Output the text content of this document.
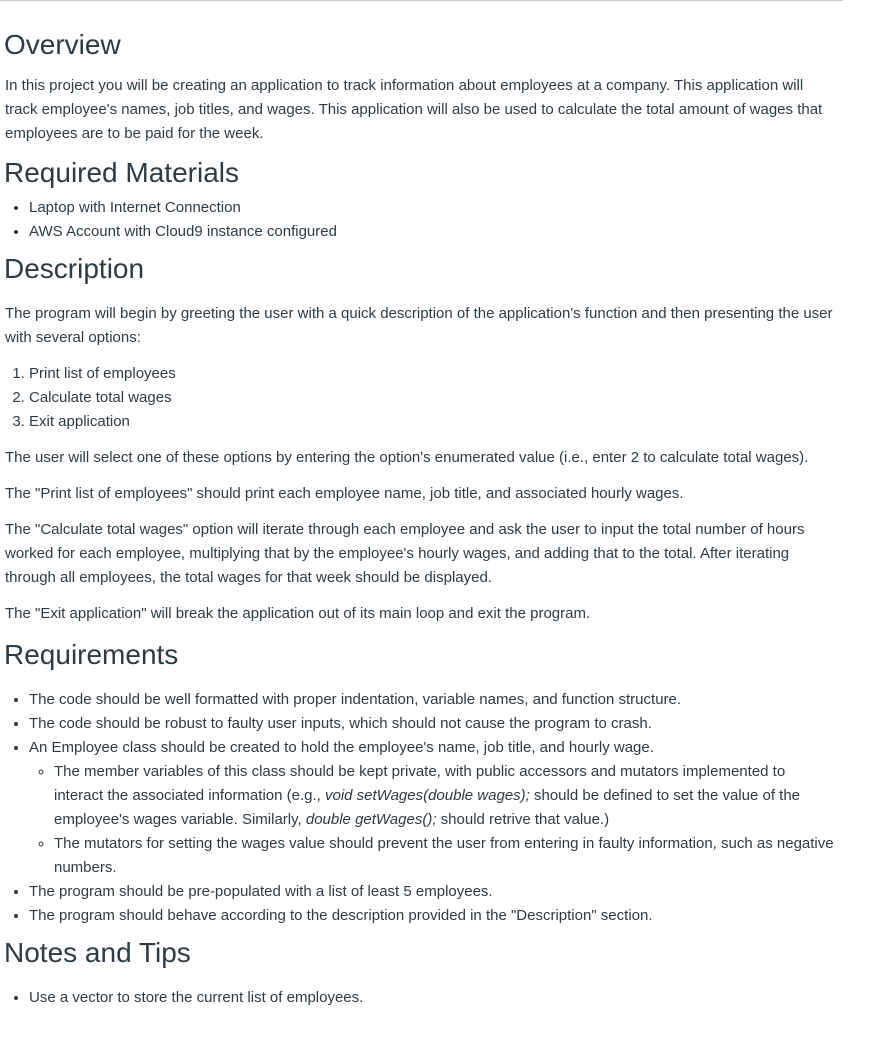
Overview

In this project you will be creating an application to track information about employees at a company. This application will track employee's names, job titles, and wages. This application will also be used to calculate the total amount of wages that employees are to be paid for the week.

Required Materials
• Laptop with Internet Connection
• AWS Account with Cloud9 instance configured
Description

The program will begin by greeting the user with a quick description of the application's function and then presenting the user with several options:

1. Print list of employees
2. Calculate total wages
3. Exit application

The user will select one of these options by entering the option's enumerated value (i.e., enter 2 to calculate total wages).

The "Print list of employees" should print each employee name, job title, and associated hourly wages.

The "Calculate total wages" option will iterate through each employee and ask the user to input the total number of hours worked for each employee, multiplying that by the employee's hourly wages, and adding that to the total. After iterating through all employees, the total wages for that week should be displayed.

The "Exit application" will break the application out of its main loop and exit the program.

Requirements
• The code should be well formatted with proper indentation, variable names, and function structure.
• The code should be robust to faulty user inputs, which should not cause the program to crash.
• An Employee class should be created to hold the employee's name, job title, and hourly wage.
◦ The member variables of this class should be kept private, with public accessors and mutators implemented to interact the associated information (e.g., void setWages(double wages); should be defined to set the value of the employee's wages variable. Similarly, double getWages(); should retrive that value.)
◦ The mutators for setting the wages value should prevent the user from entering in faulty information, such as negative numbers.
• The program should be pre-populated with a list of least 5 employees.
• The program should behave according to the description provided in the "Description" section.
Notes and Tips
• Use a vector to store the current list of employees.
